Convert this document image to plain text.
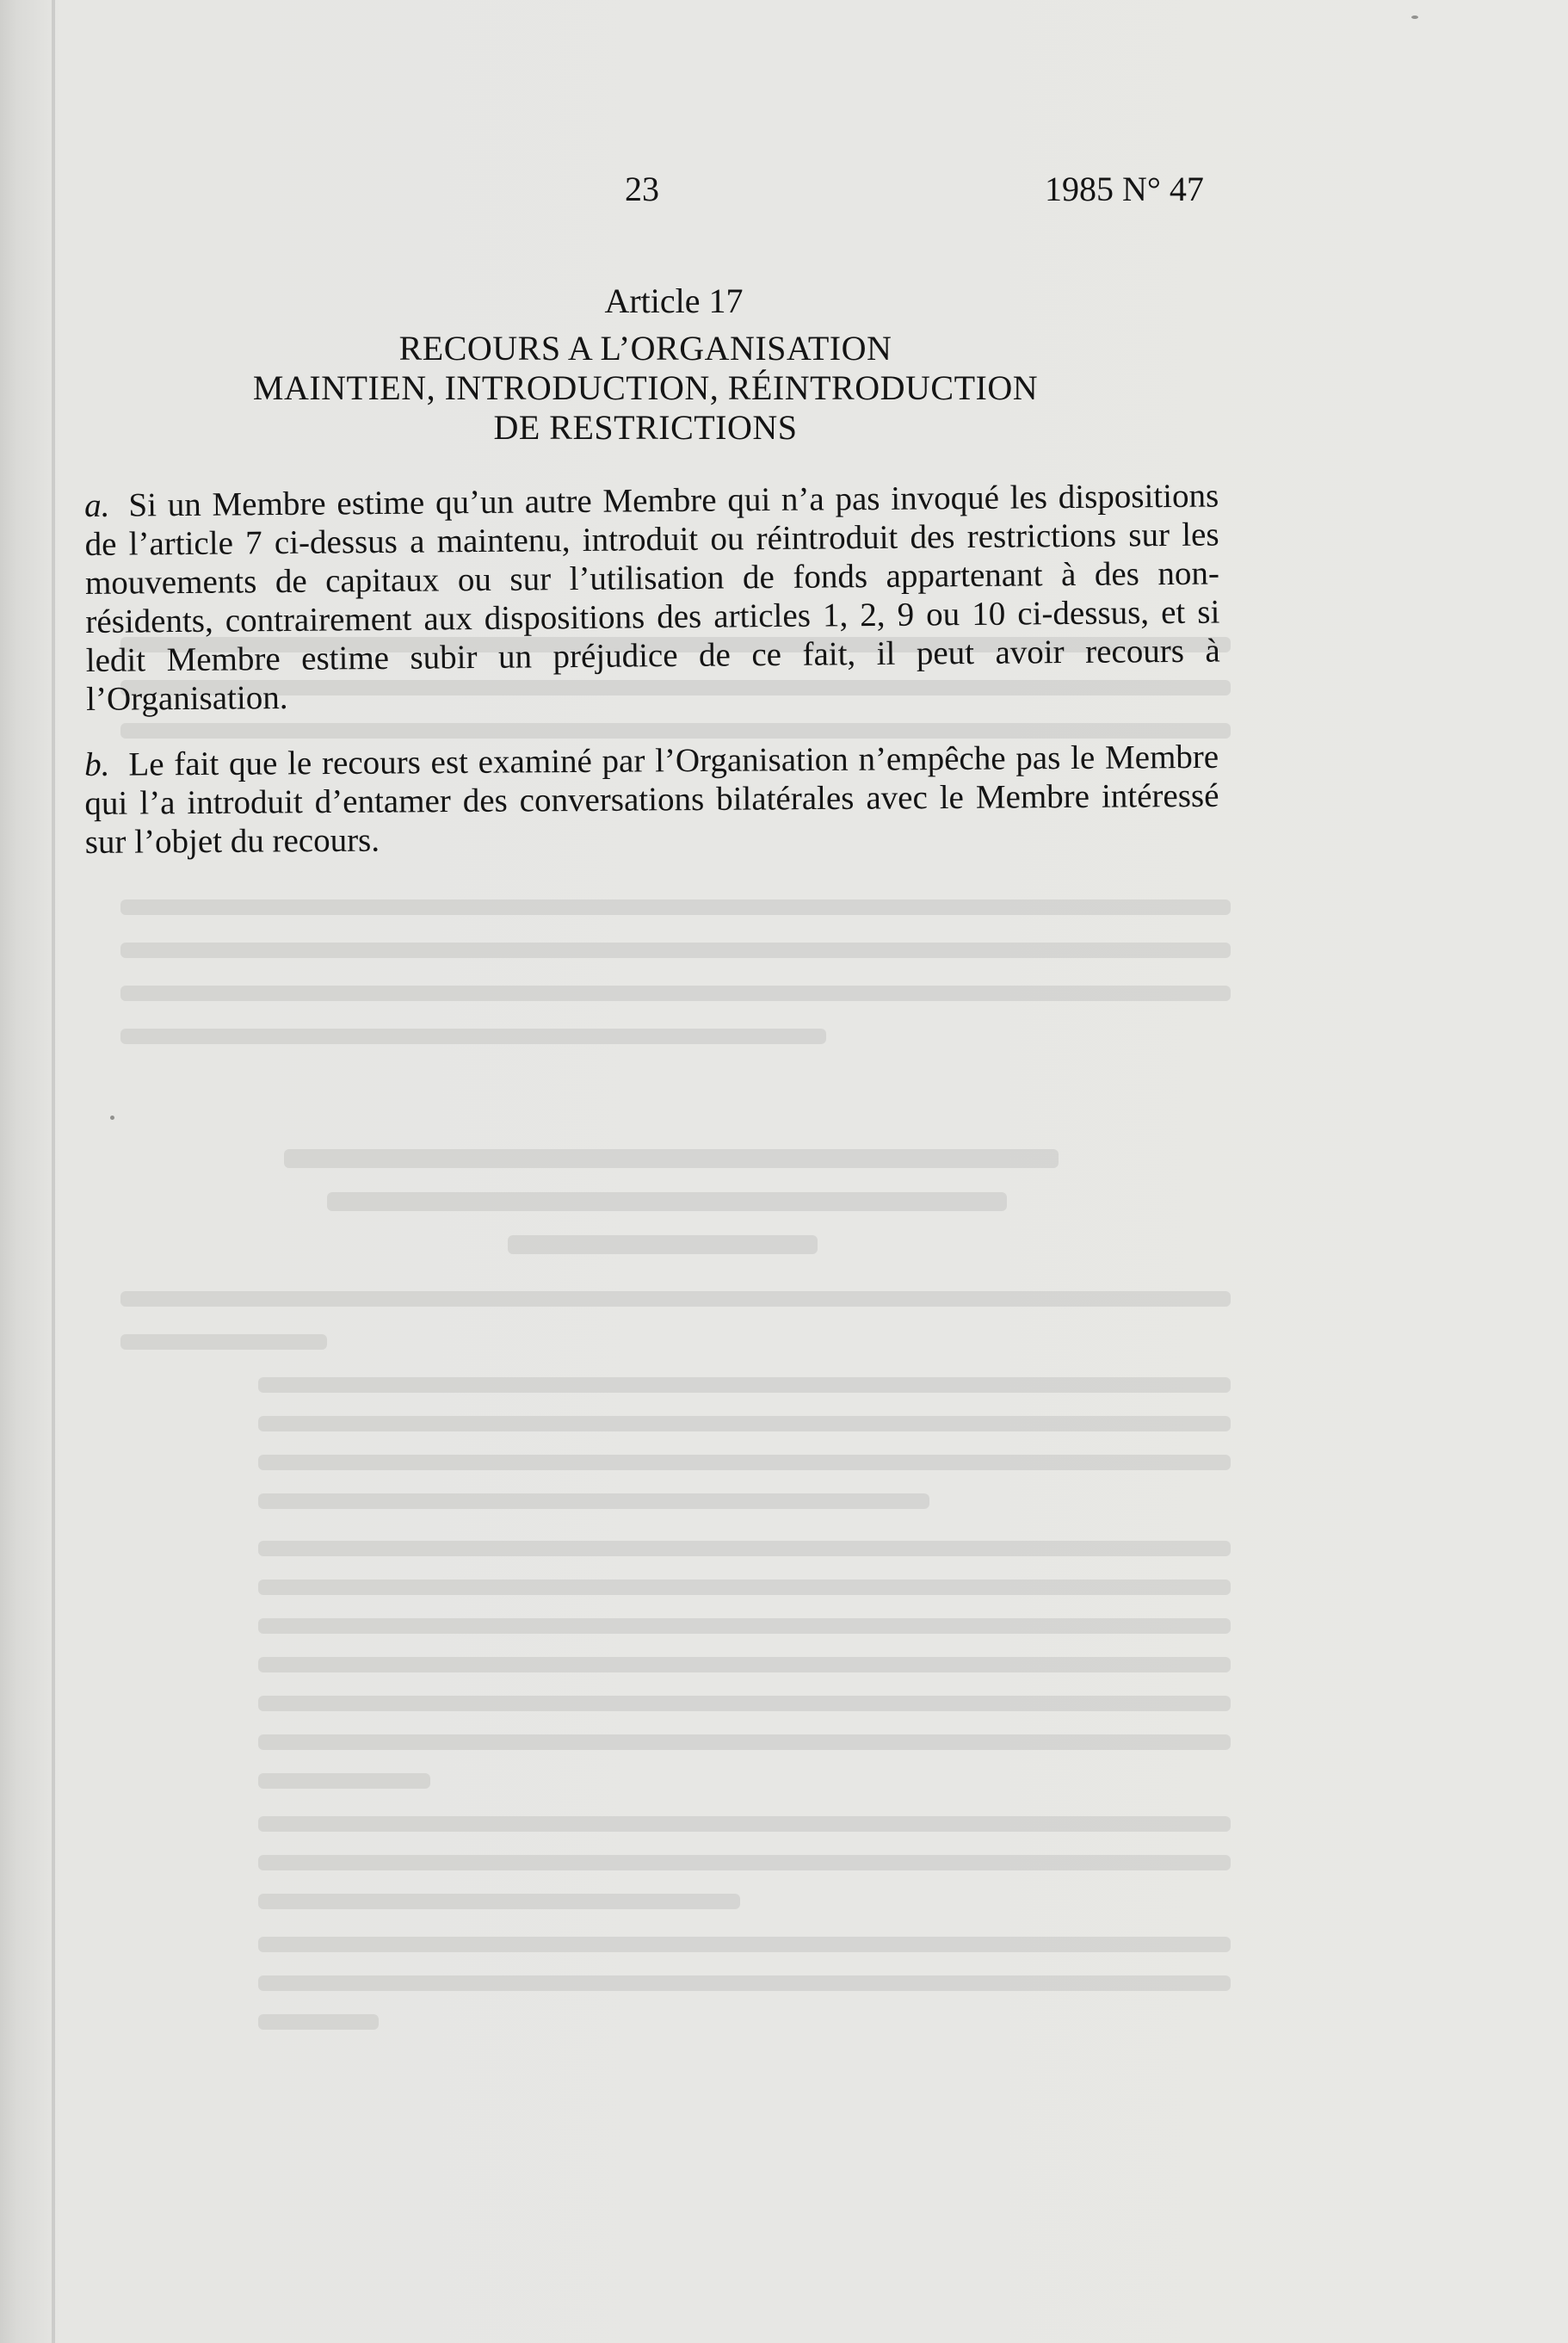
23	1985 N° 47
Article 17
RECOURS A L’ORGANISATION
MAINTIEN, INTRODUCTION, RÉINTRODUCTION
DE RESTRICTIONS
a. Si un Membre estime qu’un autre Membre qui n’a pas invoqué les dispositions de l’article 7 ci-dessus a maintenu, introduit ou réintroduit des restrictions sur les mouvements de capitaux ou sur l’utilisation de fonds appartenant à des non-résidents, contrairement aux dispositions des articles 1, 2, 9 ou 10 ci-dessus, et si ledit Membre estime subir un préjudice de ce fait, il peut avoir recours à l’Organisation.
b. Le fait que le recours est examiné par l’Organisation n’empêche pas le Membre qui l’a introduit d’entamer des conversations bilatérales avec le Membre intéressé sur l’objet du recours.
